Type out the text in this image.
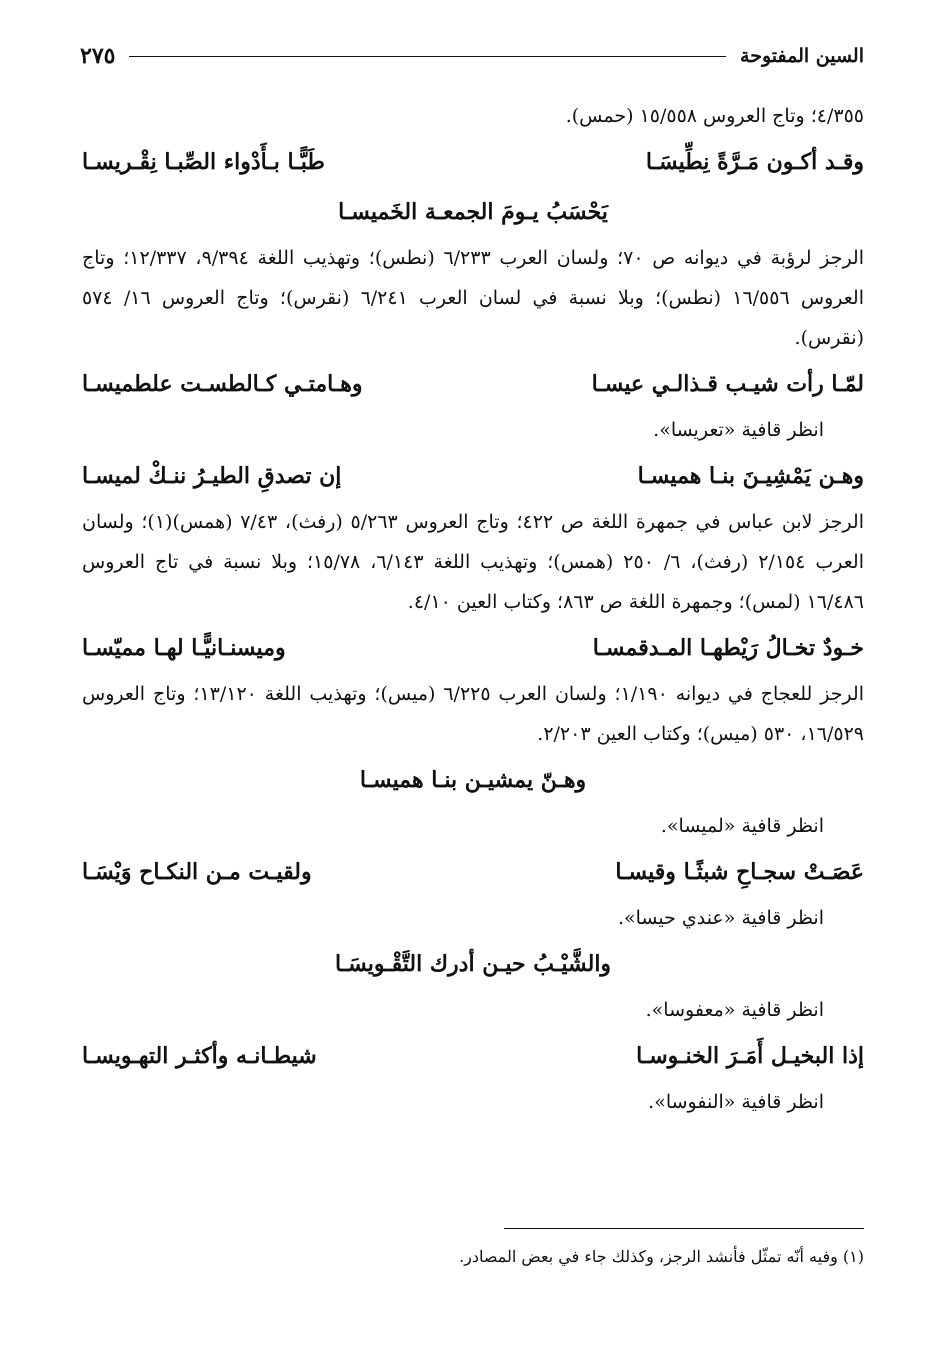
السين المفتوحة
٢٧٥

٤/٣٥٥؛ وتاج العروس ١٥/٥٥٨ (حمس).

وقـد أكـون مَـرَّةً نِطِّيسَـا
طَبًّـا بـأَدْواء الصِّبـا نِقْـريسـا
يَحْسَبُ يـومَ الجمعـة الخَميسـا

الرجز لرؤبة في ديوانه ص ٧٠؛ ولسان العرب ٦/٢٣٣ (نطس)؛ وتهذيب اللغة ٩/٣٩٤، ١٢/٣٣٧؛ وتاج العروس ١٦/٥٥٦ (نطس)؛ وبلا نسبة في لسان العرب ٦/٢٤١ (نقرس)؛ وتاج العروس ١٦/ ٥٧٤ (نقرس).

لمّـا رأت شيـب قـذالـي عيسـا
وهـامتـي كـالطسـت علطميسـا

انظر قافية «تعريسا».

وهـن يَمْشِيـنَ بنـا هميسـا
إن تصدقِ الطيـرُ ننـكْ لميسـا

الرجز لابن عباس في جمهرة اللغة ص ٤٢٢؛ وتاج العروس ٥/٢٦٣ (رفث)، ٧/٤٣ (همس)(١)؛ ولسان العرب ٢/١٥٤ (رفث)، ٦/ ٢٥٠ (همس)؛ وتهذيب اللغة ٦/١٤٣، ١٥/٧٨؛ وبلا نسبة في تاج العروس ١٦/٤٨٦ (لمس)؛ وجمهرة اللغة ص ٨٦٣؛ وكتاب العين ٤/١٠.

خـودٌ تخـالُ رَيْطهـا المـدقمسـا
وميسنـانيًّـا لهـا مميّسـا

الرجز للعجاج في ديوانه ١/١٩٠؛ ولسان العرب ٦/٢٢٥ (ميس)؛ وتهذيب اللغة ١٣/١٢٠؛ وتاج العروس ١٦/٥٢٩، ٥٣٠ (ميس)؛ وكتاب العين ٢/٢٠٣.

وهـنّ يمشيـن بنـا هميسـا

انظر قافية «لميسا».

عَصَـتْ سجـاحِ شبثًـا وقيسـا
ولقيـت مـن النكـاح وَيْسَـا

انظر قافية «عندي حيسا».

والشَّيْـبُ حيـن أدرك التَّقْـويسَـا

انظر قافية «معفوسا».

إذا البخيـل أَمَـرَ الخنـوسـا
شيطـانـه وأكثـر التهـويسـا

انظر قافية «النفوسا».

(١) وفيه أنّه تمثّل فأنشد الرجز، وكذلك جاء في بعض المصادر.
